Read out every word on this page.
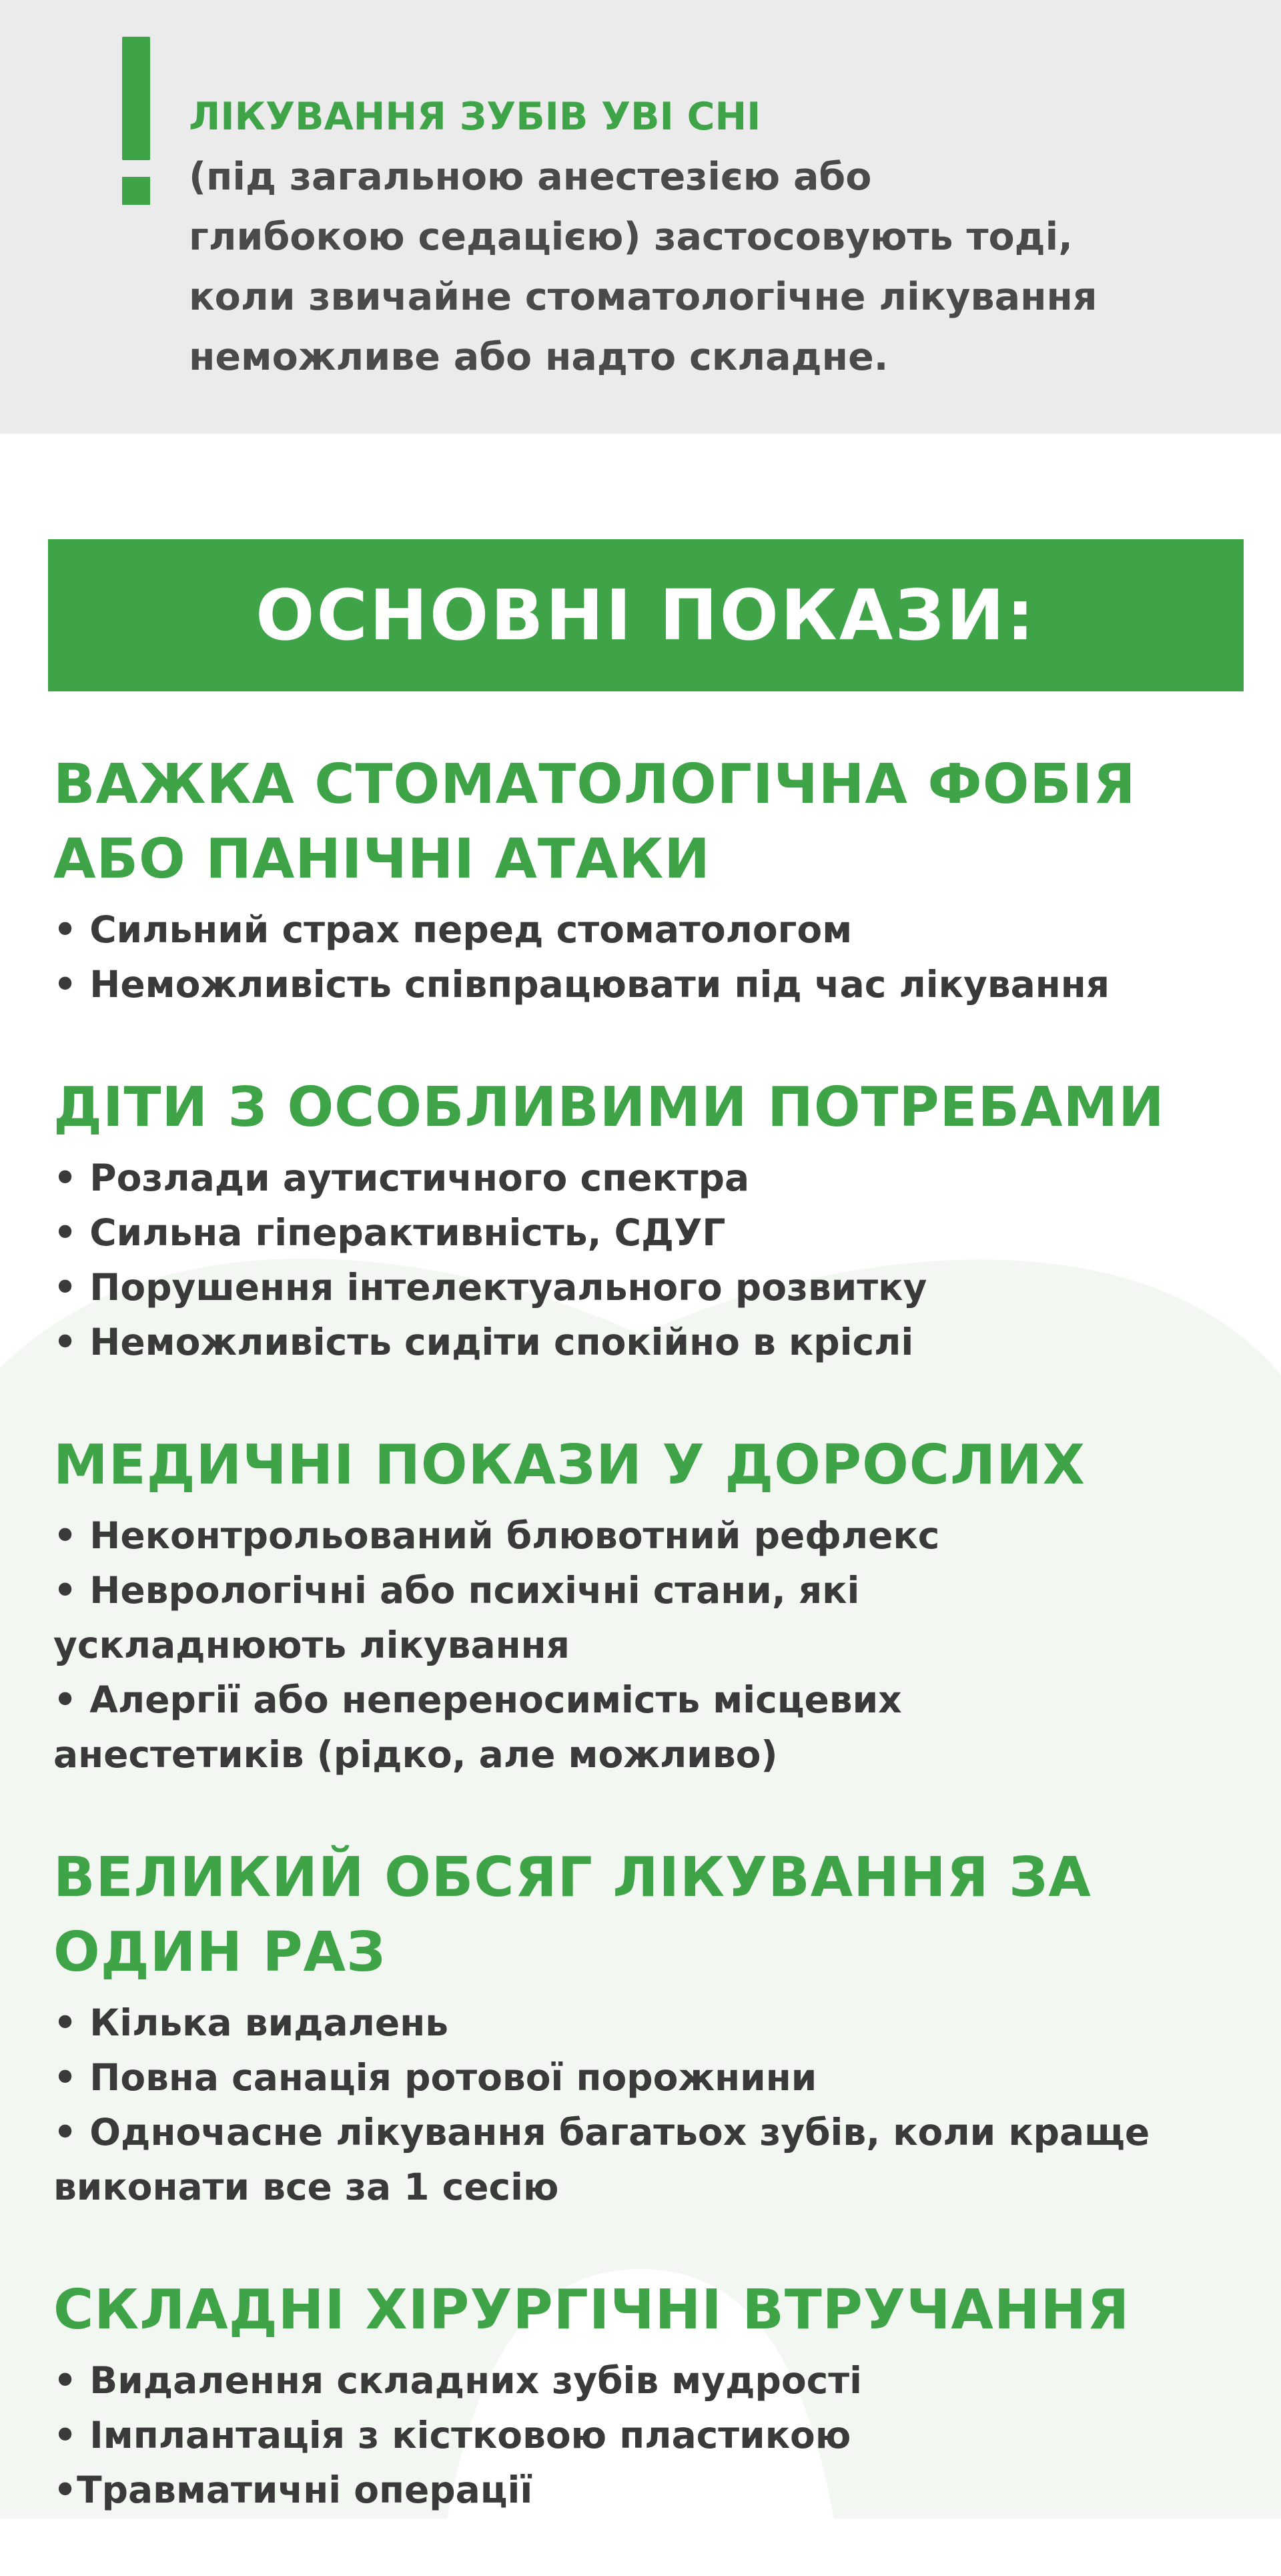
ЛІКУВАННЯ ЗУБІВ УВІ СНІ
(під загальною анестезією або
глибокою седацією) застосовують тоді,
коли звичайне стоматологічне лікування
неможливе або надто складне.

ОСНОВНІ ПОКАЗИ:
ВАЖКА СТОМАТОЛОГІЧНА ФОБІЯ
АБО ПАНІЧНІ АТАКИ
• Сильний страх перед стоматологом
• Неможливість співпрацювати під час лікування
ДІТИ З ОСОБЛИВИМИ ПОТРЕБАМИ
• Розлади аутистичного спектра
• Сильна гіперактивність, СДУГ
• Порушення інтелектуального розвитку
• Неможливість сидіти спокійно в кріслі
МЕДИЧНІ ПОКАЗИ У ДОРОСЛИХ
• Неконтрольований блювотний рефлекс
• Неврологічні або психічні стани, які
ускладнюють лікування
• Алергії або непереносимість місцевих
анестетиків (рідко, але можливо)
ВЕЛИКИЙ ОБСЯГ ЛІКУВАННЯ ЗА
ОДИН РАЗ
• Кілька видалень
• Повна санація ротової порожнини
• Одночасне лікування багатьох зубів, коли краще
виконати все за 1 сесію
СКЛАДНІ ХІРУРГІЧНІ ВТРУЧАННЯ
• Видалення складних зубів мудрості
• Імплантація з кістковою пластикою
•Травматичні операції
